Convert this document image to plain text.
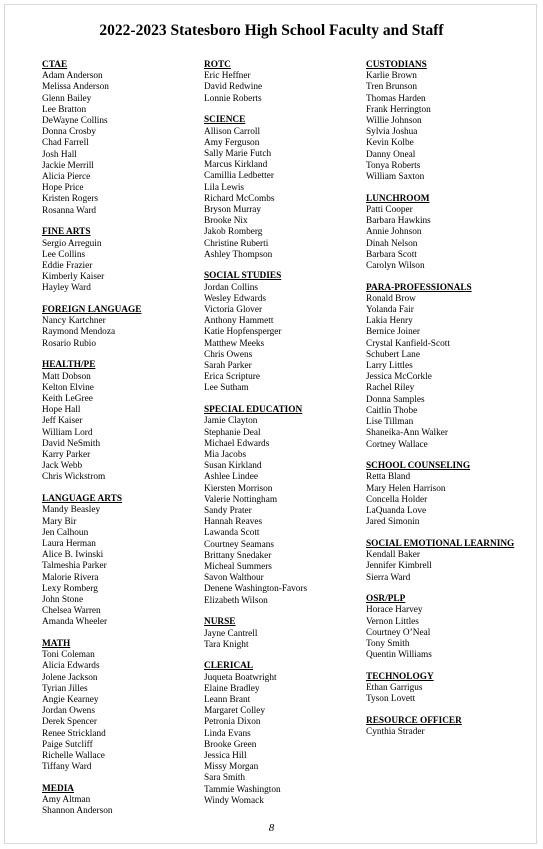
2022-2023 Statesboro High School Faculty and Staff
CTAE
Adam Anderson
Melissa Anderson
Glenn Bailey
Lee Bratton
DeWayne Collins
Donna Crosby
Chad Farrell
Josh Hall
Jackie Merrill
Alicia Pierce
Hope Price
Kristen Rogers
Rosanna Ward
FINE ARTS
Sergio Arreguin
Lee Collins
Eddie Frazier
Kimberly Kaiser
Hayley Ward
FOREIGN LANGUAGE
Nancy Kartchner
Raymond Mendoza
Rosario Rubio
HEALTH/PE
Matt Dobson
Kelton Elvine
Keith LeGree
Hope Hall
Jeff Kaiser
William Lord
David NeSmith
Karry Parker
Jack Webb
Chris Wickstrom
LANGUAGE ARTS
Mandy Beasley
Mary Bir
Jen Calhoun
Laura Herman
Alice B. Iwinski
Talmeshia Parker
Malorie Rivera
Lexy Romberg
John Stone
Chelsea Warren
Amanda Wheeler
MATH
Toni Coleman
Alicia Edwards
Jolene Jackson
Tyrian Jilles
Angie Kearney
Jordan Owens
Derek Spencer
Renee Strickland
Paige Sutcliff
Richelle Wallace
Tiffany Ward
MEDIA
Amy Altman
Shannon Anderson
ROTC
Eric Heffner
David Redwine
Lonnie Roberts
SCIENCE
Allison Carroll
Amy Ferguson
Sally Marie Futch
Marcus Kirkland
Camillia Ledbetter
Lila Lewis
Richard McCombs
Bryson Murray
Brooke Nix
Jakob Romberg
Christine Ruberti
Ashley Thompson
SOCIAL STUDIES
Jordan Collins
Wesley Edwards
Victoria Glover
Anthony Hammett
Katie Hopfensperger
Matthew Meeks
Chris Owens
Sarah Parker
Erica Scripture
Lee Sutham
SPECIAL EDUCATION
Jamie Clayton
Stephanie Deal
Michael Edwards
Mia Jacobs
Susan Kirkland
Ashlee Lindee
Kiersten Morrison
Valerie Nottingham
Sandy Prater
Hannah Reaves
Lawanda Scott
Courtney Seamans
Brittany Snedaker
Micheal Summers
Savon Walthour
Denene Washington-Favors
Elizabeth Wilson
NURSE
Jayne Cantrell
Tara Knight
CLERICAL
Juqueta Boatwright
Elaine Bradley
Leann Brant
Margaret Colley
Petronia Dixon
Linda Evans
Brooke Green
Jessica Hill
Missy Morgan
Sara Smith
Tammie Washington
Windy Womack
CUSTODIANS
Karlie Brown
Tren Brunson
Thomas Harden
Frank Herrington
Willie Johnson
Sylvia Joshua
Kevin Kolbe
Danny Oneal
Tonya Roberts
William Saxton
LUNCHROOM
Patti Cooper
Barbara Hawkins
Annie Johnson
Dinah Nelson
Barbara Scott
Carolyn Wilson
PARA-PROFESSIONALS
Ronald Brow
Yolanda Fair
Lakia Henry
Bernice Joiner
Crystal Kanfield-Scott
Schubert Lane
Larry Littles
Jessica McCorkle
Rachel Riley
Donna Samples
Caitlin Thobe
Lise Tillman
Shaneika-Ann Walker
Cortney Wallace
SCHOOL COUNSELING
Retta Bland
Mary Helen Harrison
Concella Holder
LaQuanda Love
Jared Simonin
SOCIAL EMOTIONAL LEARNING
Kendall Baker
Jennifer Kimbrell
Sierra Ward
OSR/PLP
Horace Harvey
Vernon Littles
Courtney O’Neal
Tony Smith
Quentin Williams
TECHNOLOGY
Ethan Garrigus
Tyson Lovett
RESOURCE OFFICER
Cynthia Strader
8
